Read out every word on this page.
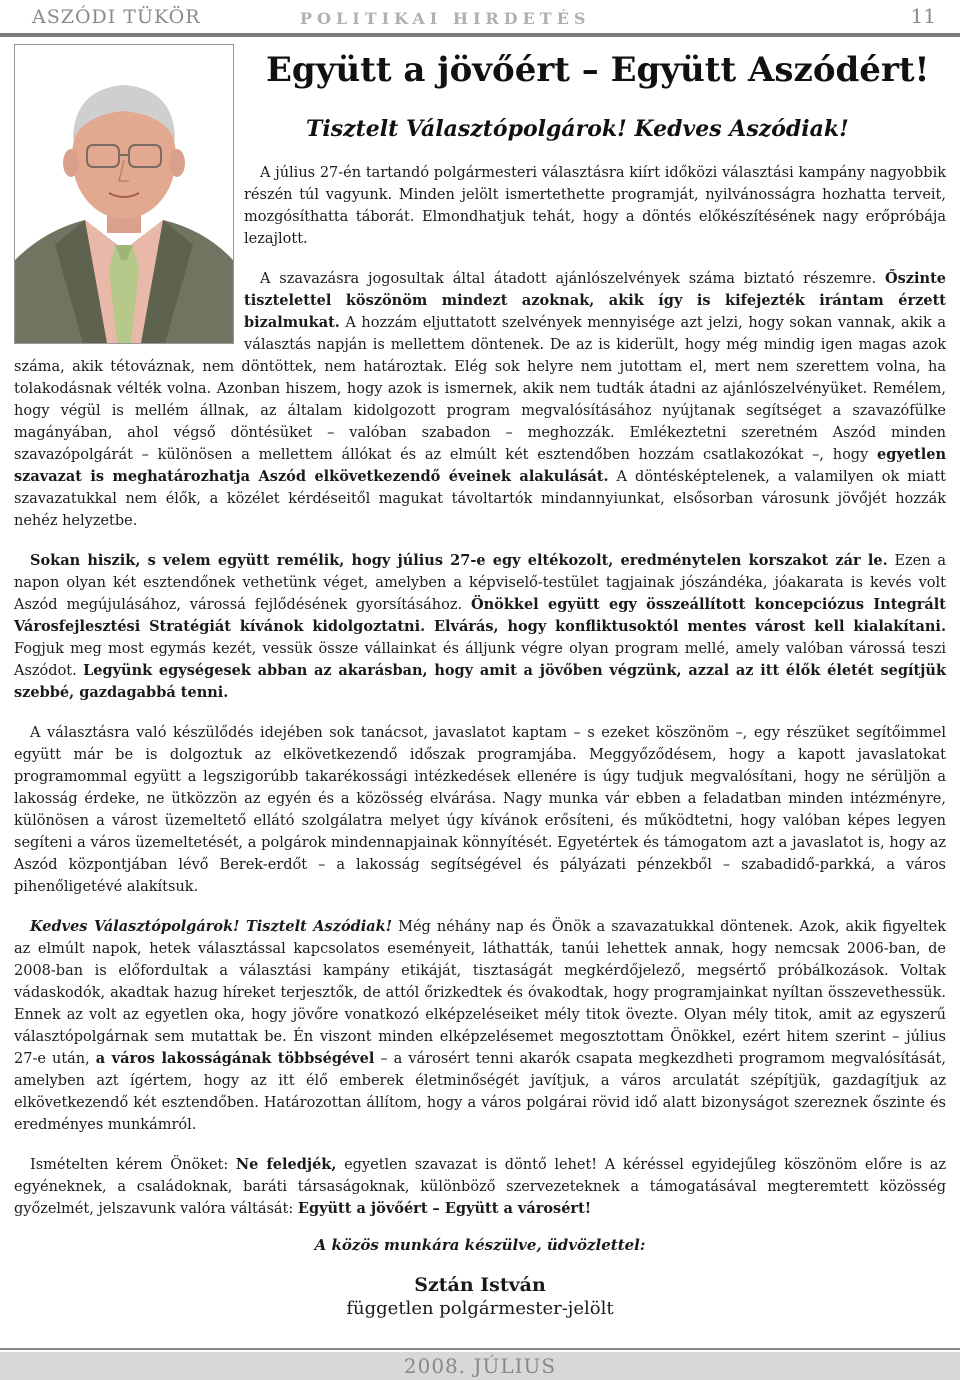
ASZÓDI TÜKÖR	POLITIKAI HIRDETÉS	11
Együtt a jövőért – Együtt Aszódért!
Tisztelt Választópolgárok! Kedves Aszódiak!

A július 27-én tartandó polgármesteri választásra kiírt időközi választási kampány nagyobbik részén túl vagyunk. Minden jelölt ismertethette programját, nyilvánosságra hozhatta terveit, mozgósíthatta táborát. Elmondhatjuk tehát, hogy a döntés előkészítésének nagy erőpróbája lezajlott.

A szavazásra jogosultak által átadott ajánlószelvények száma biztató részemre. Őszinte tisztelettel köszönöm mindezt azoknak, akik így is kifejezték irántam érzett bizalmukat. A hozzám eljuttatott szelvények mennyisége azt jelzi, hogy sokan vannak, akik a választás napján is mellettem döntenek. De az is kiderült, hogy még mindig igen magas azok száma, akik tétováznak, nem döntöttek, nem határoztak. Elég sok helyre nem jutottam el, mert nem szerettem volna, ha tolakodásnak vélték volna. Azonban hiszem, hogy azok is ismernek, akik nem tudták átadni az ajánlószelvényüket. Remélem, hogy végül is mellém állnak, az általam kidolgozott program megvalósításához nyújtanak segítséget a szavazófülke magányában, ahol végső döntésüket – valóban szabadon – meghozzák. Emlékeztetni szeretném Aszód minden szavazópolgárát – különösen a mellettem állókat és az elmúlt két esztendőben hozzám csatlakozókat –, hogy egyetlen szavazat is meghatározhatja Aszód elkövetkezendő éveinek alakulását. A döntésképtelenek, a valamilyen ok miatt szavazatukkal nem élők, a közélet kérdéseitől magukat távoltartók mindannyiunkat, elsősorban városunk jövőjét hozzák nehéz helyzetbe.

Sokan hiszik, s velem együtt remélik, hogy július 27-e egy eltékozolt, eredménytelen korszakot zár le. Ezen a napon olyan két esztendőnek vethetünk véget, amelyben a képviselő-testület tagjainak jószándéka, jóakarata is kevés volt Aszód megújulásához, várossá fejlődésének gyorsításához. Önökkel együtt egy összeállított koncepciózus Integrált Városfejlesztési Stratégiát kívánok kidolgoztatni. Elvárás, hogy konfliktusoktól mentes várost kell kialakítani. Fogjuk meg most egymás kezét, vessük össze vállainkat és álljunk végre olyan program mellé, amely valóban várossá teszi Aszódot. Legyünk egységesek abban az akarásban, hogy amit a jövőben végzünk, azzal az itt élők életét segítjük szebbé, gazdagabbá tenni.

A választásra való készülődés idejében sok tanácsot, javaslatot kaptam – s ezeket köszönöm –, egy részüket segítőimmel együtt már be is dolgoztuk az elkövetkezendő időszak programjába. Meggyőződésem, hogy a kapott javaslatokat programommal együtt a legszigorúbb takarékossági intézkedések ellenére is úgy tudjuk megvalósítani, hogy ne sérüljön a lakosság érdeke, ne ütközzön az egyén és a közösség elvárása. Nagy munka vár ebben a feladatban minden intézményre, különösen a várost üzemeltető ellátó szolgálatra melyet úgy kívánok erősíteni, és működtetni, hogy valóban képes legyen segíteni a város üzemeltetését, a polgárok mindennapjainak könnyítését. Egyetértek és támogatom azt a javaslatot is, hogy az Aszód központjában lévő Berek-erdőt – a lakosság segítségével és pályázati pénzekből – szabadidő-parkká, a város pihenőligetévé alakítsuk.

Kedves Választópolgárok! Tisztelt Aszódiak! Még néhány nap és Önök a szavazatukkal döntenek. Azok, akik figyeltek az elmúlt napok, hetek választással kapcsolatos eseményeit, láthatták, tanúi lehettek annak, hogy nemcsak 2006-ban, de 2008-ban is előfordultak a választási kampány etikáját, tisztaságát megkérdőjelező, megsértő próbálkozások. Voltak vádaskodók, akadtak hazug híreket terjesztők, de attól őrizkedtek és óvakodtak, hogy programjainkat nyíltan összevethessük. Ennek az volt az egyetlen oka, hogy jövőre vonatkozó elképzeléseiket mély titok övezte. Olyan mély titok, amit az egyszerű választópolgárnak sem mutattak be. Én viszont minden elképzelésemet megosztottam Önökkel, ezért hitem szerint – július 27-e után, a város lakosságának többségével – a városért tenni akarók csapata megkezdheti programom megvalósítását, amelyben azt ígértem, hogy az itt élő emberek életminőségét javítjuk, a város arculatát szépítjük, gazdagítjuk az elkövetkezendő két esztendőben. Határozottan állítom, hogy a város polgárai rövid idő alatt bizonyságot szereznek őszinte és eredményes munkámról.

Ismételten kérem Önöket: Ne feledjék, egyetlen szavazat is döntő lehet! A kéréssel egyidejűleg köszönöm előre is az egyéneknek, a családoknak, baráti társaságoknak, különböző szervezeteknek a támogatásával megteremtett közösség győzelmét, jelszavunk valóra váltását: Együtt a jövőért – Együtt a városért!

A közös munkára készülve, üdvözlettel:
Sztán István
független polgármester-jelölt
2008. JÚLIUS
